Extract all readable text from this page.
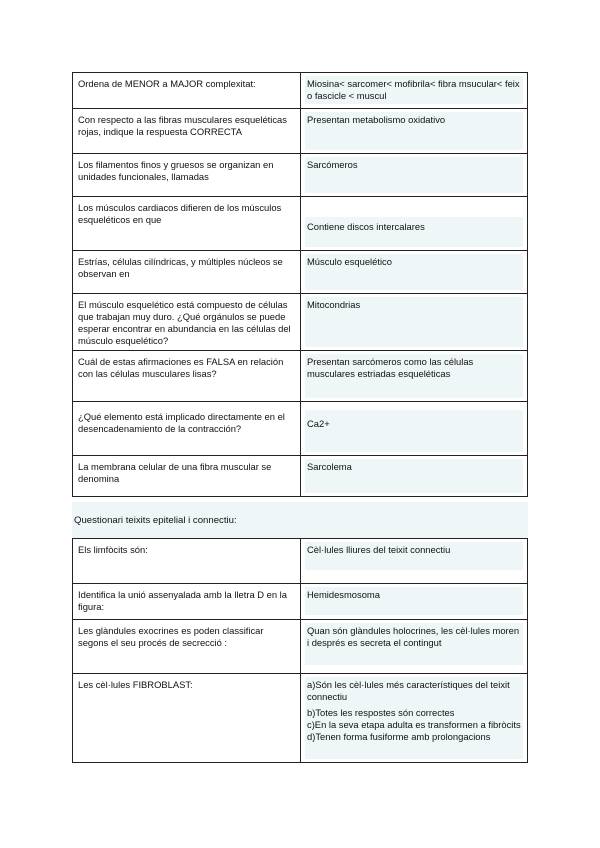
Ordena de MENOR a MAJOR complexitat:	Miosina< sarcomer< mofibrila< fibra msucular< feix o fascicle < muscul

Con respecto a las fibras musculares esqueléticas rojas, indique la respuesta CORRECTA	Presentan metabolismo oxidativo

Los filamentos finos y gruesos se organizan en unidades funcionales, llamadas	Sarcómeros

Los músculos cardiacos difieren de los músculos esqueléticos en que	Contiene discos intercalares

Estrías, células cilíndricas, y múltiples núcleos se observan en	Músculo esquelético

El músculo esquelético está compuesto de células que trabajan muy duro. ¿Qué orgánulos se puede esperar encontrar en abundancia en las células del músculo esquelético?	Mitocondrias

Cuál de estas afirmaciones es FALSA en relación con las células musculares lisas?	Presentan sarcómeros como las células musculares estriadas esqueléticas

¿Qué elemento está implicado directamente en el desencadenamiento de la contracción?	Ca2+

La membrana celular de una fibra muscular se denomina	Sarcolema
Questionari teixits epitelial i connectiu:
Els limfòcits són:	Cèl·lules lliures del teixit connectiu

Identifica la unió assenyalada amb la lletra D en la figura:	Hemidesmosoma

Les glàndules exocrines es poden classificar segons el seu procés de secrecció :	Quan són glàndules holocrines, les cèl·lules moren i després es secreta el contingut

Les cèl·lules FIBROBLAST:	a)Són les cèl·lules més característiques del teixit connectiu
b)Totes les respostes són correctes
c)En la seva etapa adulta es transformen a fibròcits
d)Tenen forma fusiforme amb prolongacions
